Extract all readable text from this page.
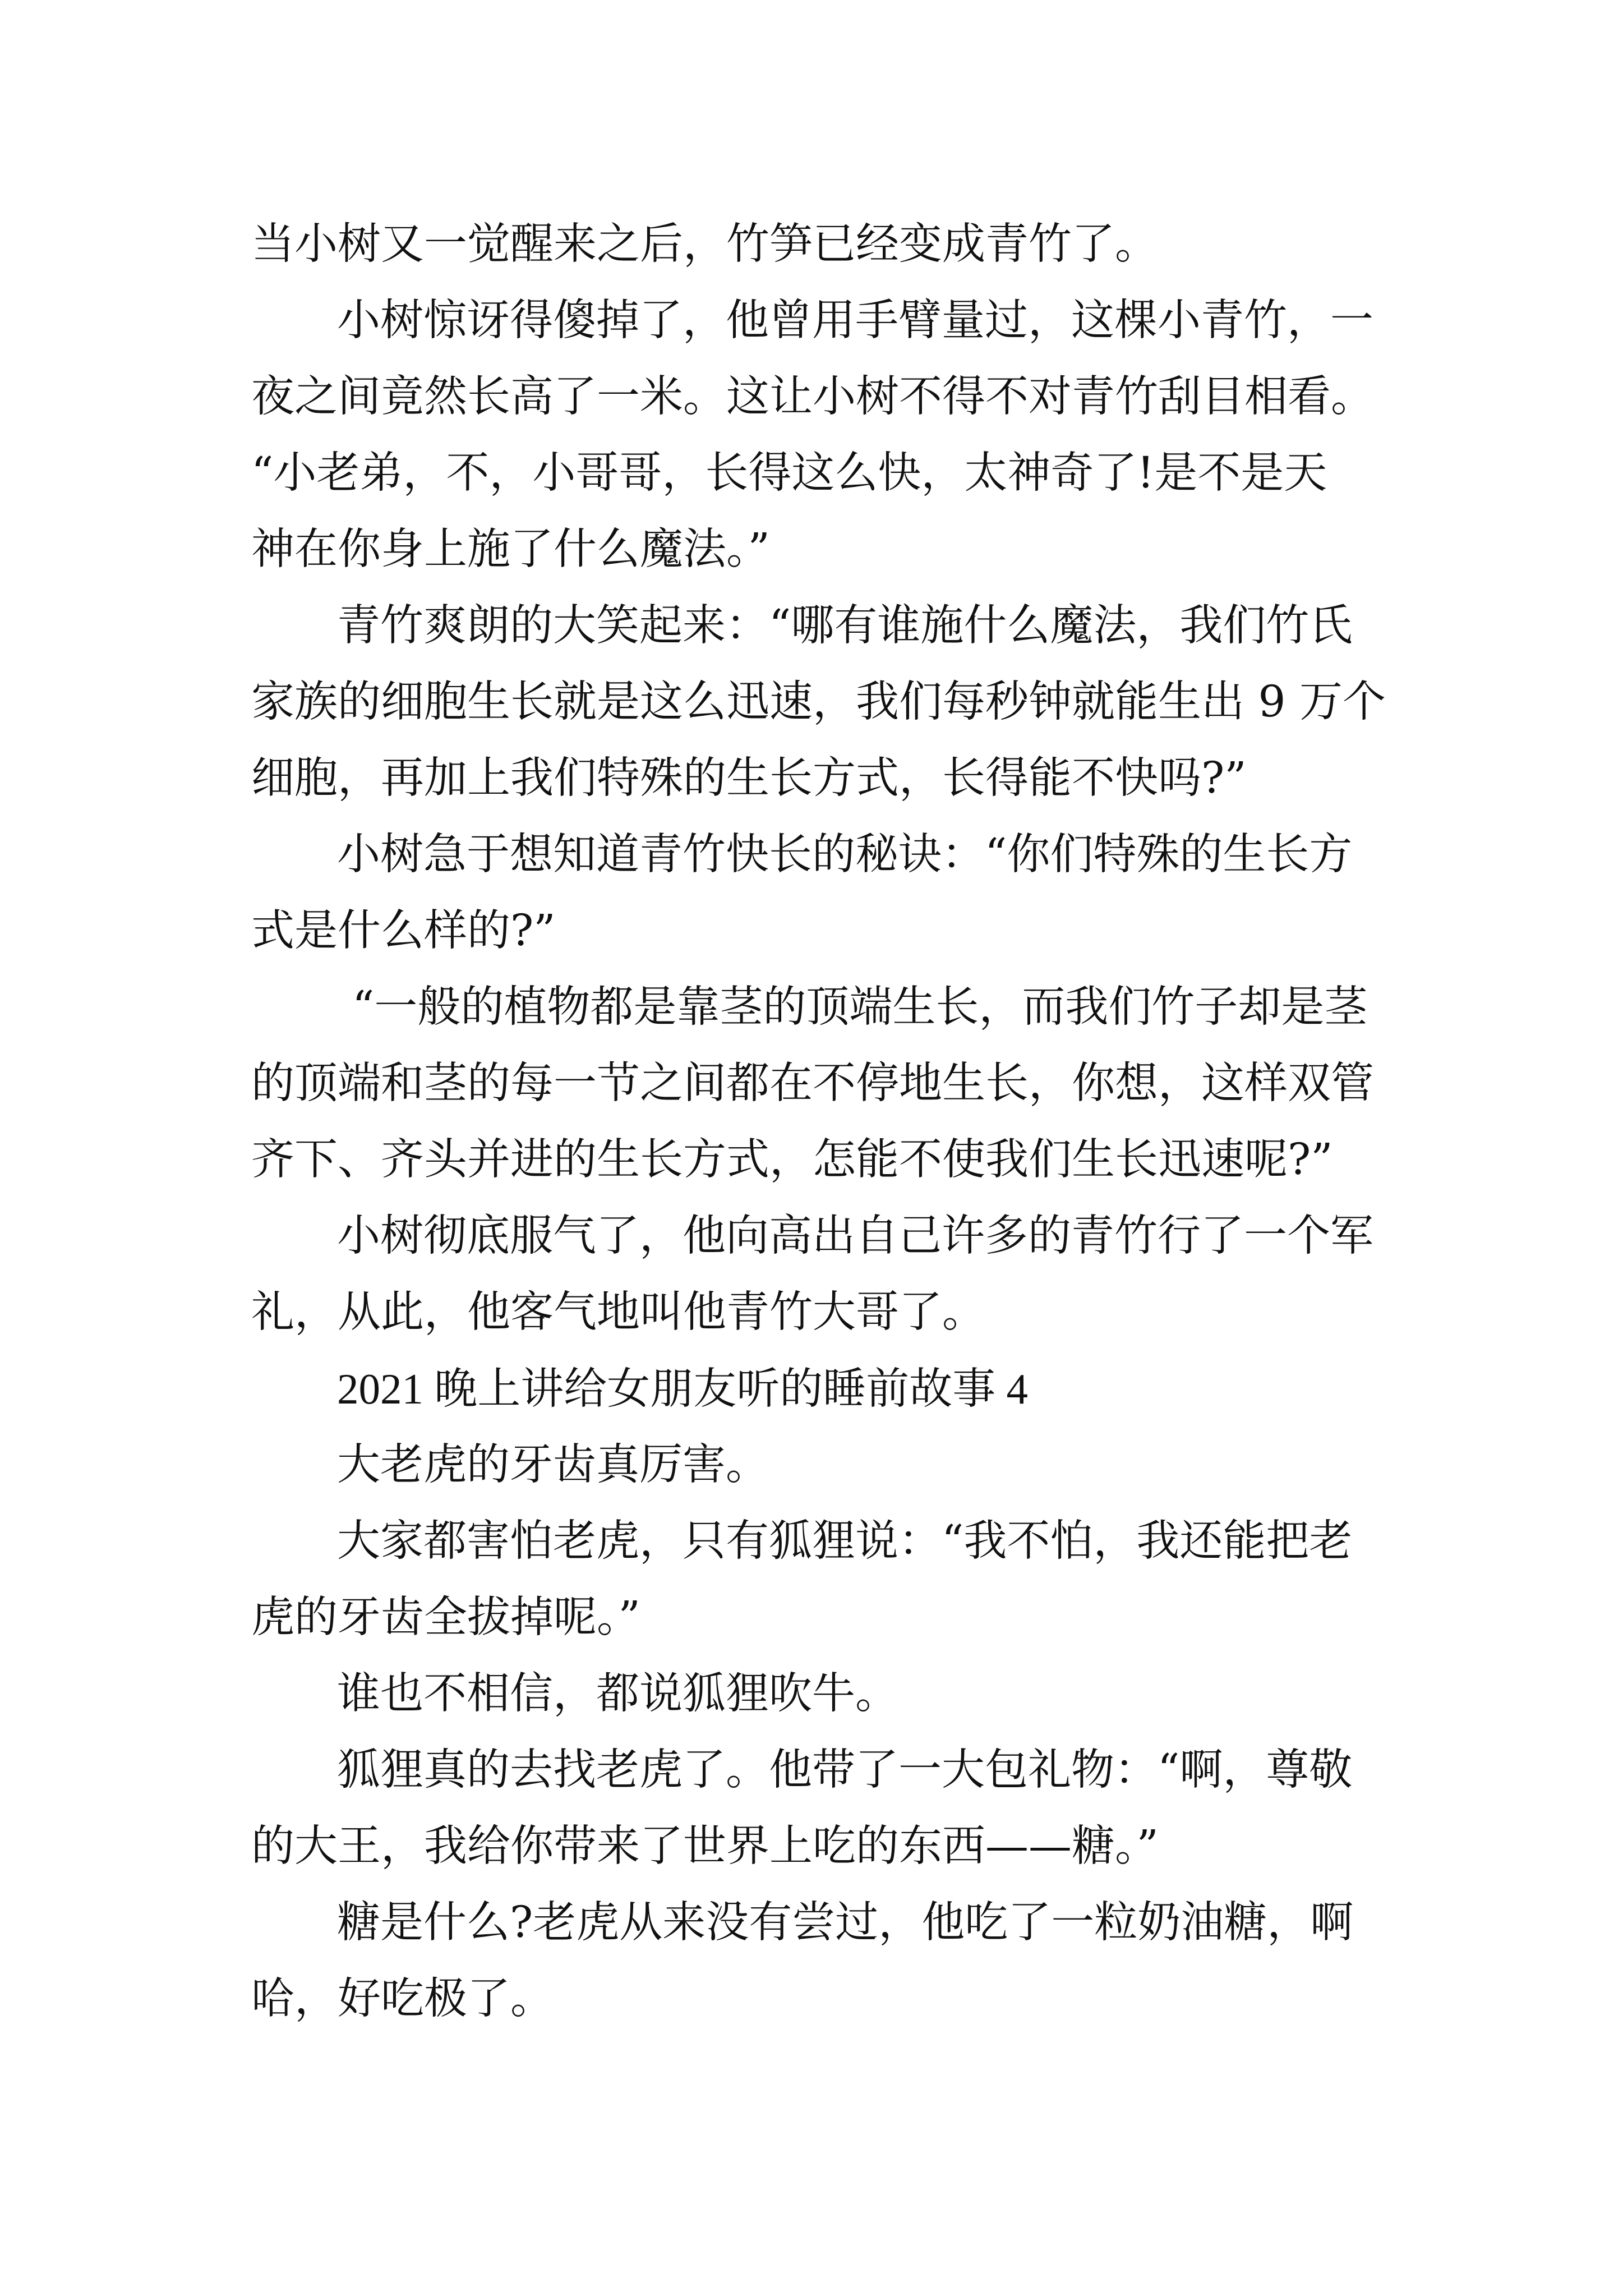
当小树又一觉醒来之后，竹笋已经变成青竹了。

小树惊讶得傻掉了，他曾用手臂量过，这棵小青竹，一

夜之间竟然长高了一米。这让小树不得不对青竹刮目相看。

“小老弟，不，小哥哥，长得这么快，太神奇了!是不是天

神在你身上施了什么魔法。”

青竹爽朗的大笑起来：“哪有谁施什么魔法，我们竹氏

家族的细胞生长就是这么迅速，我们每秒钟就能生出 9 万个

细胞，再加上我们特殊的生长方式，长得能不快吗?”

小树急于想知道青竹快长的秘诀：“你们特殊的生长方

式是什么样的?”

“一般的植物都是靠茎的顶端生长，而我们竹子却是茎

的顶端和茎的每一节之间都在不停地生长，你想，这样双管

齐下、齐头并进的生长方式，怎能不使我们生长迅速呢?”

小树彻底服气了，他向高出自己许多的青竹行了一个军

礼，从此，他客气地叫他青竹大哥了。

2021 晚上讲给女朋友听的睡前故事 4

大老虎的牙齿真厉害。

大家都害怕老虎，只有狐狸说：“我不怕，我还能把老

虎的牙齿全拔掉呢。”

谁也不相信，都说狐狸吹牛。

狐狸真的去找老虎了。他带了一大包礼物：“啊，尊敬

的大王，我给你带来了世界上吃的东西——糖。”

糖是什么?老虎从来没有尝过，他吃了一粒奶油糖，啊

哈，好吃极了。
